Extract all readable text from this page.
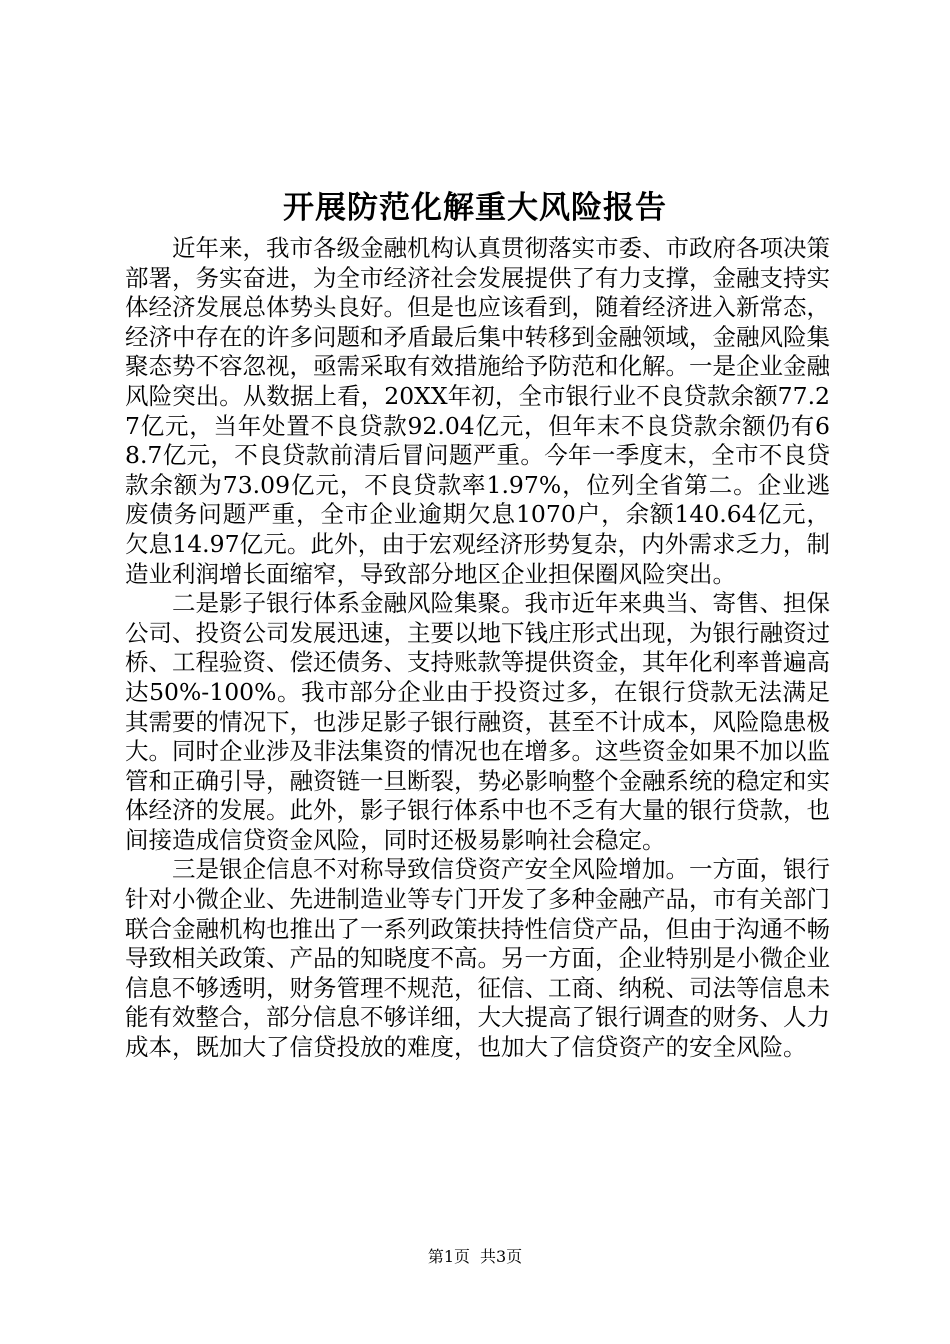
开展防范化解重大风险报告

近年来，我市各级金融机构认真贯彻落实市委、市政府各项决策部署，务实奋进，为全市经济社会发展提供了有力支撑，金融支持实体经济发展总体势头良好。但是也应该看到，随着经济进入新常态，经济中存在的许多问题和矛盾最后集中转移到金融领域，金融风险集聚态势不容忽视，亟需采取有效措施给予防范和化解。一是企业金融风险突出。从数据上看，20XX年初，全市银行业不良贷款余额77.27亿元，当年处置不良贷款92.04亿元，但年末不良贷款余额仍有68.7亿元，不良贷款前清后冒问题严重。今年一季度末，全市不良贷款余额为73.09亿元，不良贷款率1.97%，位列全省第二。企业逃废债务问题严重，全市企业逾期欠息1070户，余额140.64亿元，欠息14.97亿元。此外，由于宏观经济形势复杂，内外需求乏力，制造业利润增长面缩窄，导致部分地区企业担保圈风险突出。

二是影子银行体系金融风险集聚。我市近年来典当、寄售、担保公司、投资公司发展迅速，主要以地下钱庄形式出现，为银行融资过桥、工程验资、偿还债务、支持账款等提供资金，其年化利率普遍高达50%-100%。我市部分企业由于投资过多，在银行贷款无法满足其需要的情况下，也涉足影子银行融资，甚至不计成本，风险隐患极大。同时企业涉及非法集资的情况也在增多。这些资金如果不加以监管和正确引导，融资链一旦断裂，势必影响整个金融系统的稳定和实体经济的发展。此外，影子银行体系中也不乏有大量的银行贷款，也间接造成信贷资金风险，同时还极易影响社会稳定。

三是银企信息不对称导致信贷资产安全风险增加。一方面，银行针对小微企业、先进制造业等专门开发了多种金融产品，市有关部门联合金融机构也推出了一系列政策扶持性信贷产品，但由于沟通不畅导致相关政策、产品的知晓度不高。另一方面，企业特别是小微企业信息不够透明，财务管理不规范，征信、工商、纳税、司法等信息未能有效整合，部分信息不够详细，大大提高了银行调查的财务、人力成本，既加大了信贷投放的难度，也加大了信贷资产的安全风险。

第1页 共3页
